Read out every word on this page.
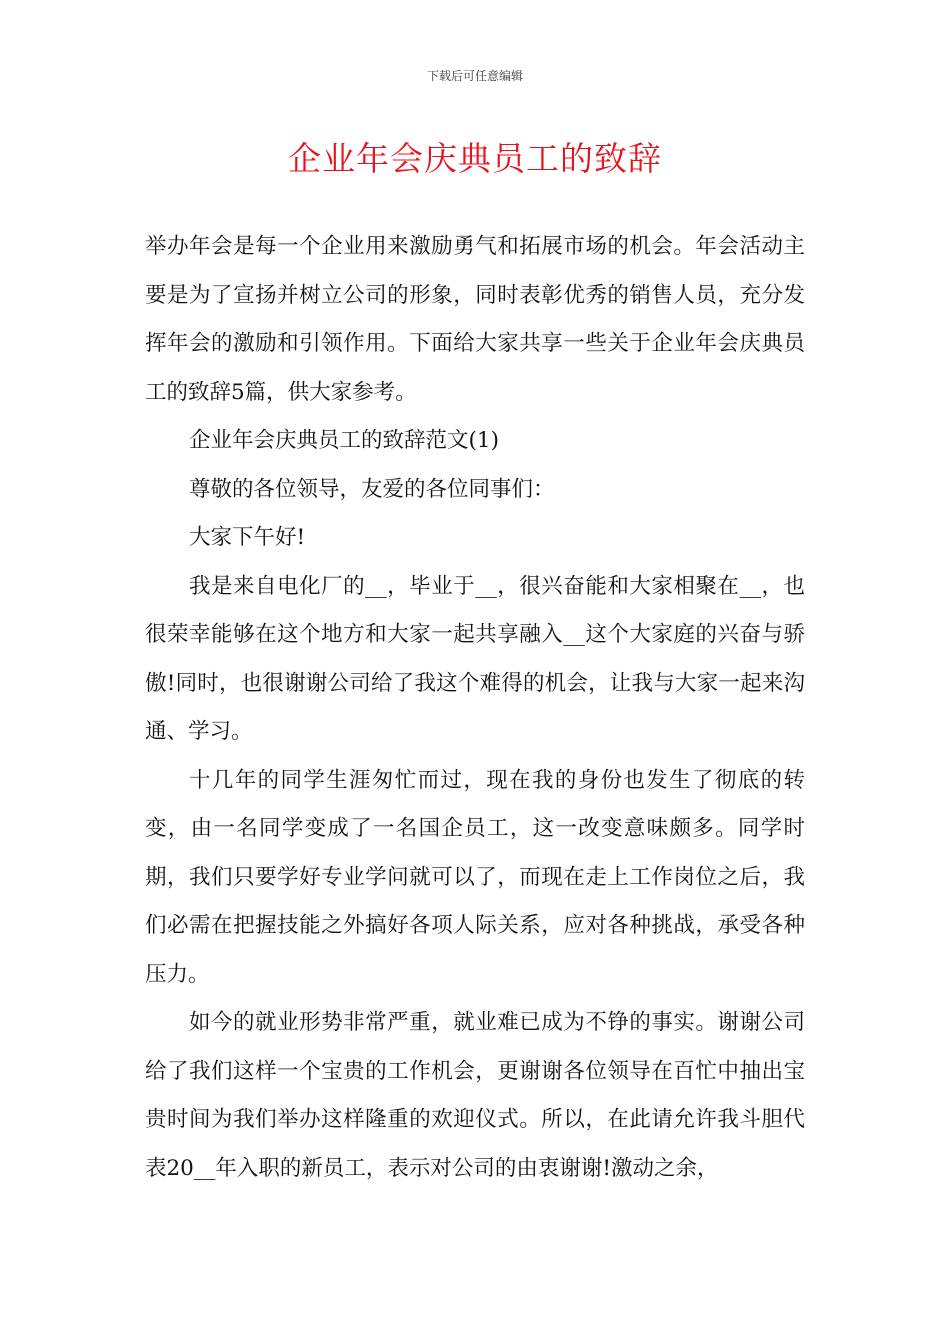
下载后可任意编辑
企业年会庆典员工的致辞

举办年会是每一个企业用来激励勇气和拓展市场的机会。年会活动主要是为了宣扬并树立公司的形象，同时表彰优秀的销售人员，充分发挥年会的激励和引领作用。下面给大家共享一些关于企业年会庆典员工的致辞5篇，供大家参考。

企业年会庆典员工的致辞范文(1)

尊敬的各位领导，友爱的各位同事们：

大家下午好!

我是来自电化厂的__，毕业于__，很兴奋能和大家相聚在__，也很荣幸能够在这个地方和大家一起共享融入__这个大家庭的兴奋与骄傲!同时，也很谢谢公司给了我这个难得的机会，让我与大家一起来沟通、学习。

十几年的同学生涯匆忙而过，现在我的身份也发生了彻底的转变，由一名同学变成了一名国企员工，这一改变意味颇多。同学时期，我们只要学好专业学问就可以了，而现在走上工作岗位之后，我们必需在把握技能之外搞好各项人际关系，应对各种挑战，承受各种压力。

如今的就业形势非常严重，就业难已成为不铮的事实。谢谢公司给了我们这样一个宝贵的工作机会，更谢谢各位领导在百忙中抽出宝贵时间为我们举办这样隆重的欢迎仪式。所以，在此请允许我斗胆代表20__年入职的新员工，表示对公司的由衷谢谢!激动之余，
